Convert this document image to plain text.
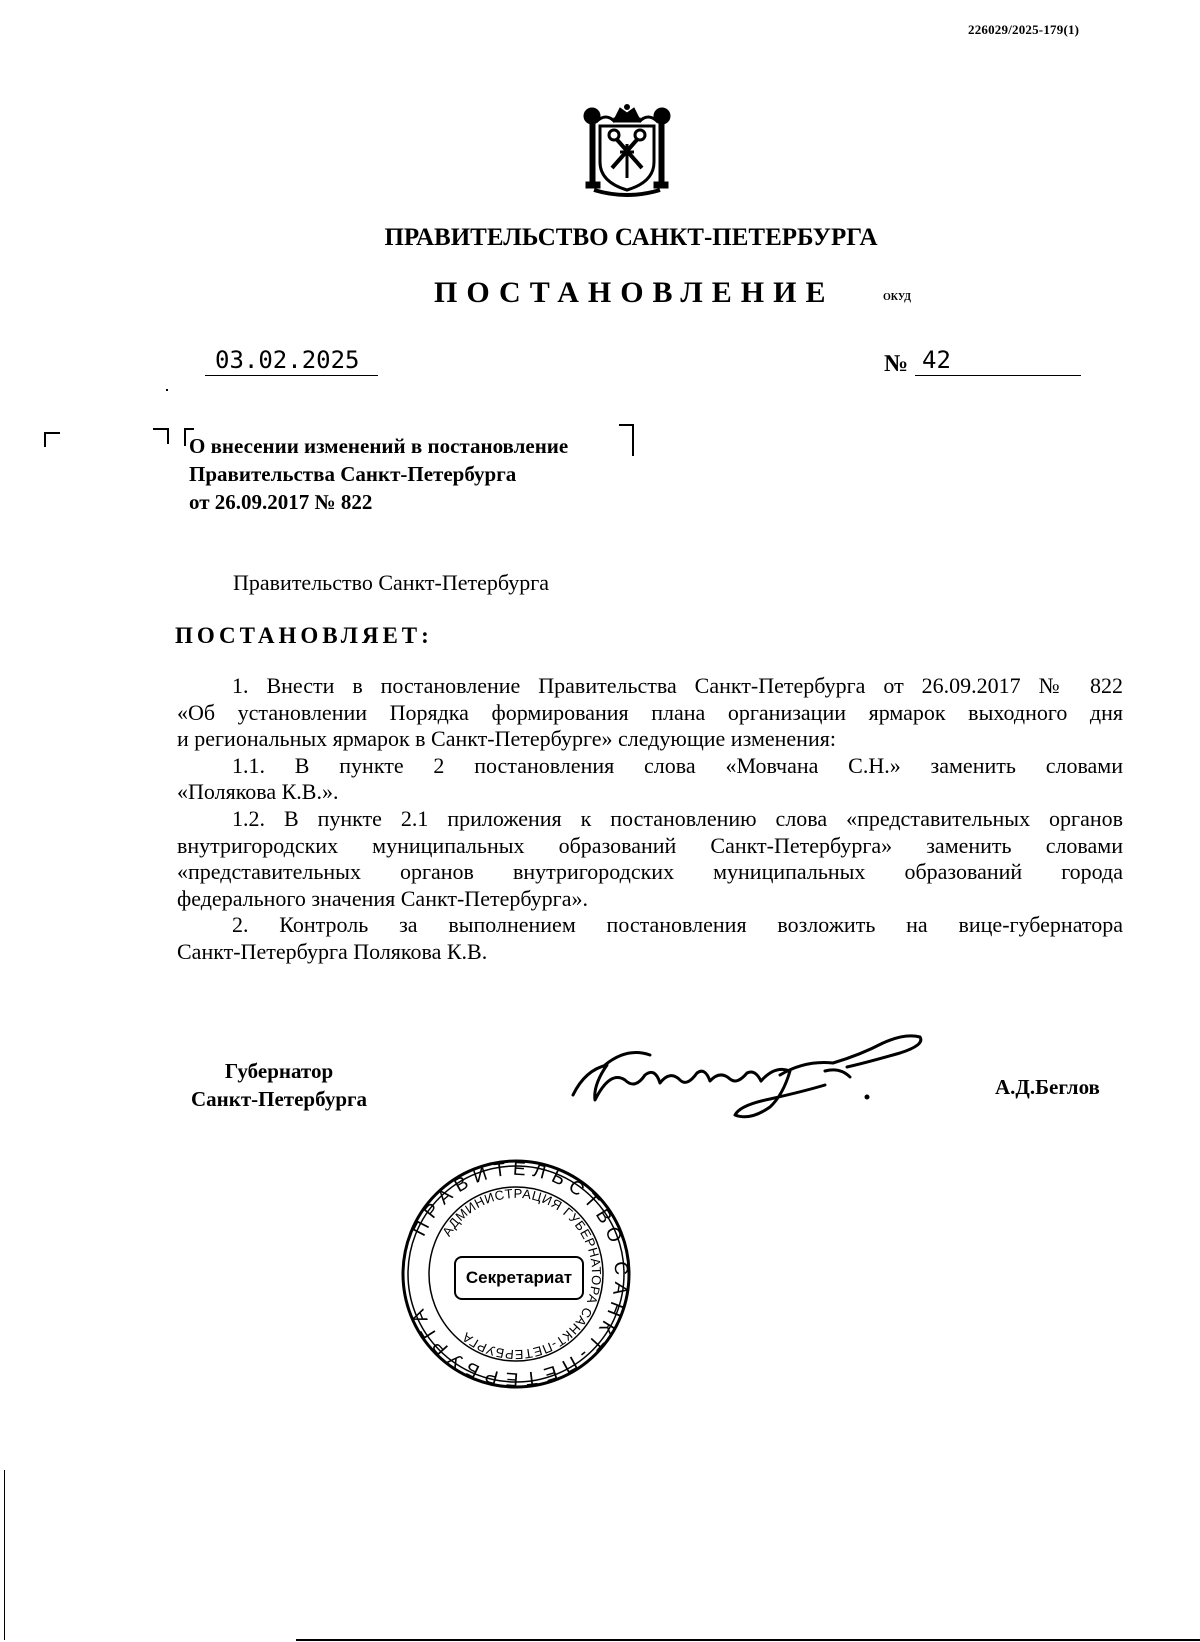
226029/2025-179(1)
ПРАВИТЕЛЬСТВО САНКТ-ПЕТЕРБУРГА
ПОСТАНОВЛЕНИЕ	ОКУД
03.02.2025	№ 42
О внесении изменений в постановление
Правительства Санкт-Петербурга
от 26.09.2017 № 822
Правительство Санкт-Петербурга
ПОСТАНОВЛЯЕТ:

1. Внести в постановление Правительства Санкт-Петербурга от 26.09.2017 № 822

«Об установлении Порядка формирования плана организации ярмарок выходного дня

и региональных ярмарок в Санкт-Петербурге» следующие изменения:

1.1. В пункте 2 постановления слова «Мовчана С.Н.» заменить словами

«Полякова К.В.».

1.2. В пункте 2.1 приложения к постановлению слова «представительных органов

внутригородских муниципальных образований Санкт-Петербурга» заменить словами

«представительных органов внутригородских муниципальных образований города

федерального значения Санкт-Петербурга».

2. Контроль за выполнением постановления возложить на вице-губернатора

Санкт-Петербурга Полякова К.В.

Губернатор
Санкт-Петербурга	А.Д.Беглов
ПРАВИТЕЛЬСТВО САНКТ-ПЕТЕРБУРГА
АДМИНИСТРАЦИЯ ГУБЕРНАТОРА САНКТ-ПЕТЕРБУРГА
Секретариат
